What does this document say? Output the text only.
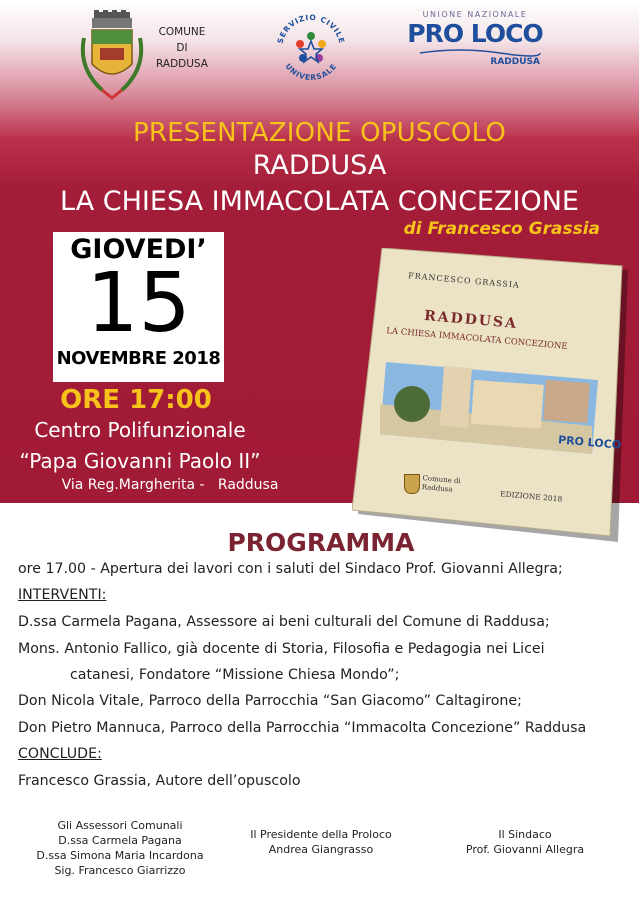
COMUNE
DI
RADDUSA
SERVIZIO CIVILE
UNIVERSALE
UNIONE NAZIONALE
PRO LOCO
RADDUSA
PRESENTAZIONE OPUSCOLO
RADDUSA
LA CHIESA IMMACOLATA CONCEZIONE
di Francesco Grassia
GIOVEDI’
15
NOVEMBRE 2018
ORE 17:00
Centro Polifunzionale
“Papa Giovanni Paolo II”
Via Reg.Margherita -   Raddusa
FRANCESCO GRASSIA
RADDUSA
LA CHIESA IMMACOLATA CONCEZIONE
PRO LOCO
Comune di Raddusa
EDIZIONE 2018
PROGRAMMA
ore 17.00 - Apertura dei lavori con i saluti del Sindaco Prof. Giovanni Allegra;
INTERVENTI:
D.ssa Carmela Pagana, Assessore ai beni culturali del Comune di Raddusa;
Mons. Antonio Fallico, già docente di Storia, Filosofia e Pedagogia nei Licei
catanesi, Fondatore “Missione Chiesa Mondo”;
Don Nicola Vitale, Parroco della Parrocchia “San Giacomo” Caltagirone;
Don Pietro Mannuca, Parroco della Parrocchia “Immacolta Concezione” Raddusa
CONCLUDE:
Francesco Grassia, Autore dell’opuscolo
Gli Assessori Comunali
D.ssa Carmela Pagana
D.ssa Simona Maria Incardona
Sig. Francesco Giarrizzo
Il Presidente della Proloco
Andrea Giangrasso
Il Sindaco
Prof. Giovanni Allegra
